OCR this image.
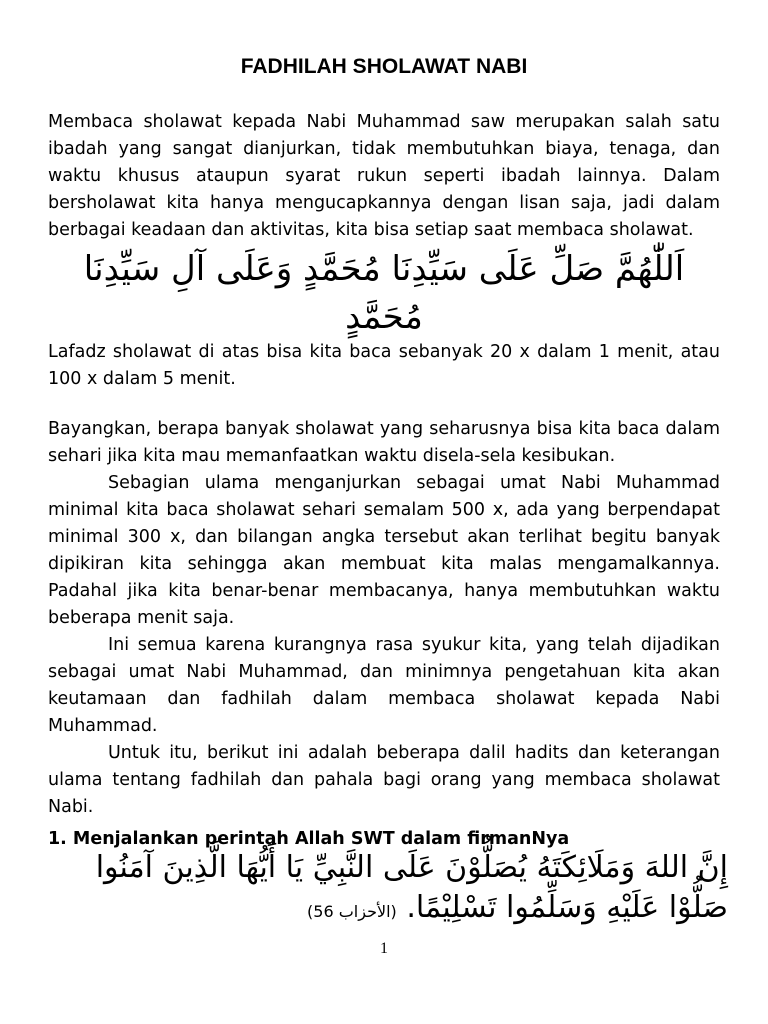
FADHILAH SHOLAWAT NABI

Membaca sholawat kepada Nabi Muhammad saw merupakan salah satu ibadah yang sangat dianjurkan, tidak membutuhkan biaya, tenaga, dan waktu khusus ataupun syarat rukun seperti ibadah lainnya. Dalam bersholawat kita hanya mengucapkannya dengan lisan saja, jadi dalam berbagai keadaan dan aktivitas, kita bisa setiap saat membaca sholawat.

اَللّٰهُمَّ صَلِّ عَلَى سَيِّدِنَا مُحَمَّدٍ وَعَلَى آلِ سَيِّدِنَا مُحَمَّدٍ

Lafadz sholawat di atas bisa kita baca sebanyak 20 x dalam 1 menit, atau 100 x dalam 5 menit.

Bayangkan, berapa banyak sholawat yang seharusnya bisa kita baca dalam sehari jika kita mau memanfaatkan waktu disela-sela kesibukan.

Sebagian ulama menganjurkan sebagai umat Nabi Muhammad minimal kita baca sholawat sehari semalam 500 x, ada yang berpendapat minimal 300 x, dan bilangan angka tersebut akan terlihat begitu banyak dipikiran kita sehingga akan membuat kita malas mengamalkannya. Padahal jika kita benar-benar membacanya, hanya membutuhkan waktu beberapa menit saja.

Ini semua karena kurangnya rasa syukur kita, yang telah dijadikan sebagai umat Nabi Muhammad, dan minimnya pengetahuan kita akan keutamaan dan fadhilah dalam membaca sholawat kepada Nabi Muhammad.

Untuk itu, berikut ini adalah beberapa dalil hadits dan keterangan ulama tentang fadhilah dan pahala bagi orang yang membaca sholawat Nabi.

1. Menjalankan perintah Allah SWT dalam firmanNya

إِنَّ اللهَ وَمَلَائِكَتَهُ يُصَلُّوْنَ عَلَى النَّبِيِّ يَا أَيُّهَا الَّذِينَ آمَنُوا صَلُّوْا عَلَيْهِ وَسَلِّمُوا تَسْلِيْمًا. (الأحزاب 56)

1
